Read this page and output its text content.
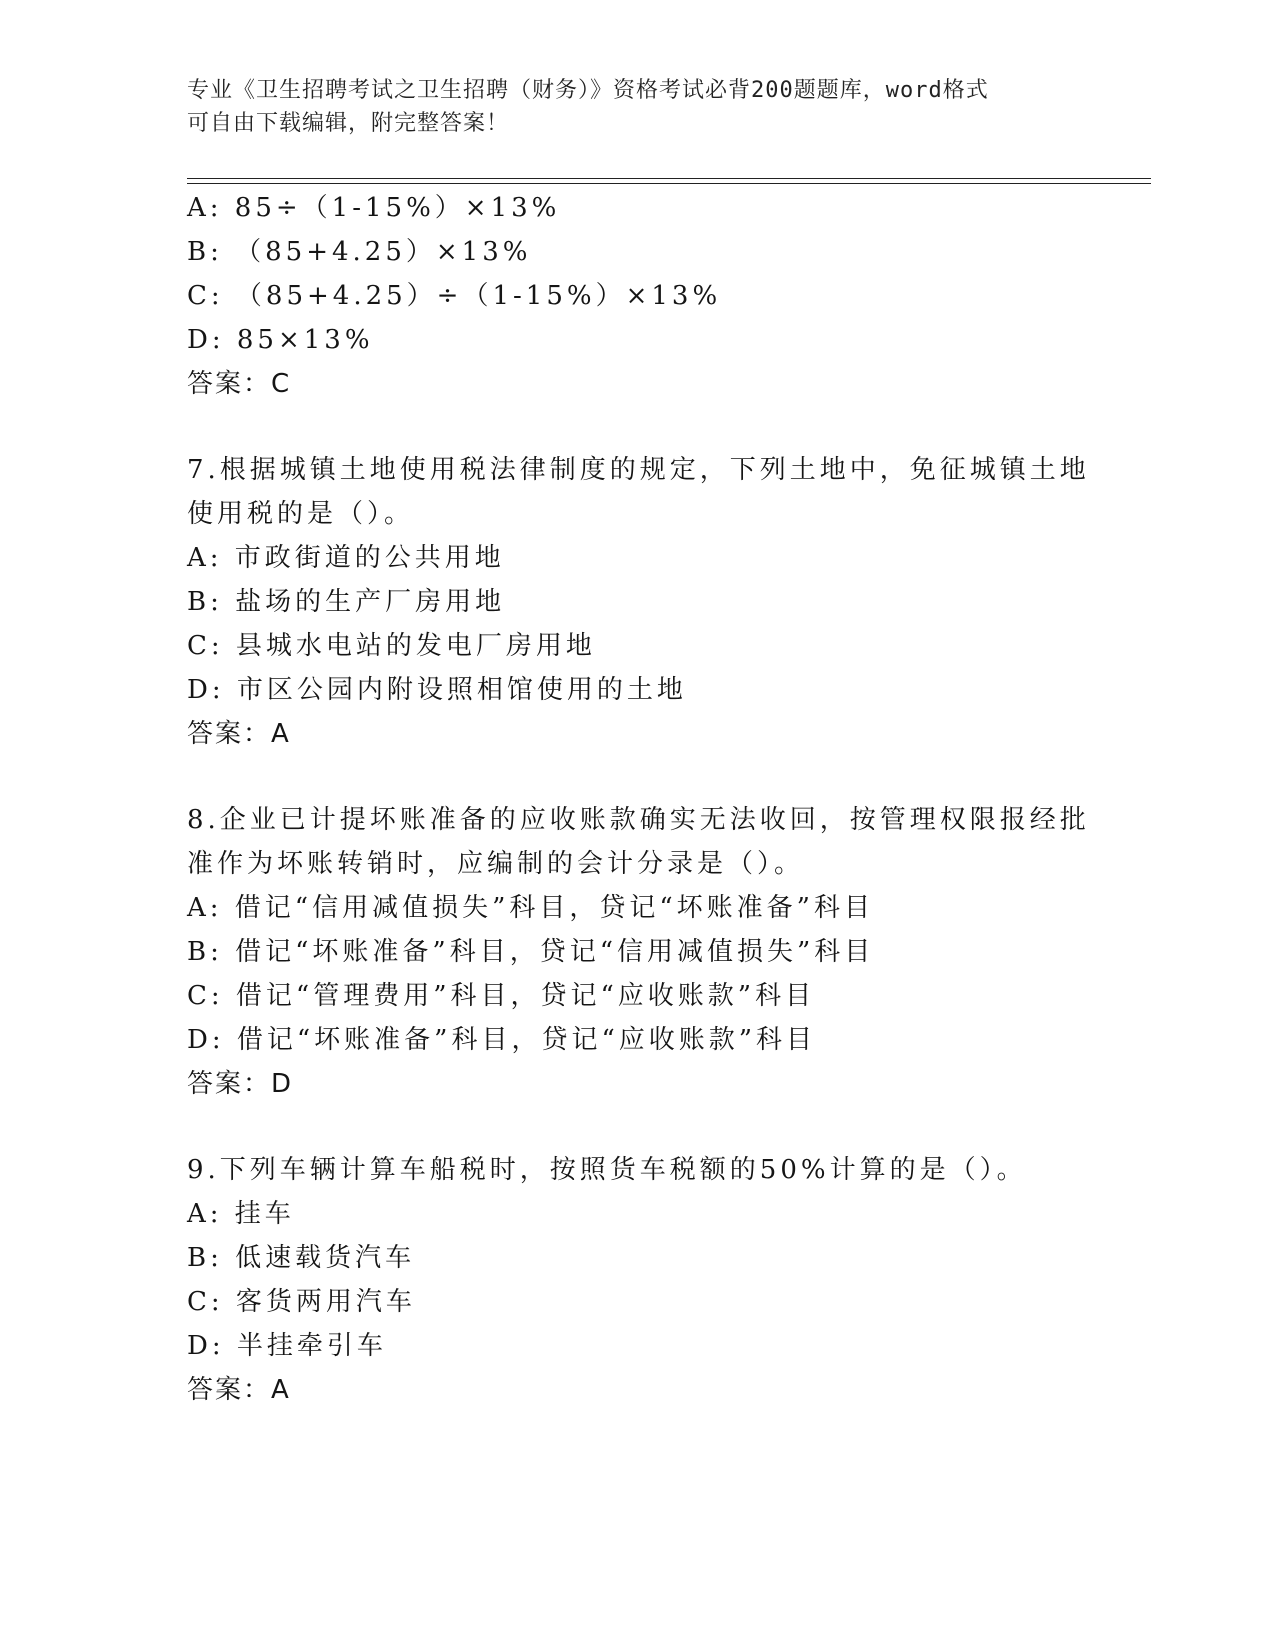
专业《卫生招聘考试之卫生招聘（财务）》资格考试必背200题题库，word格式
可自由下载编辑，附完整答案！
A: 85÷（1-15%）×13%
B: （85+4.25）×13%
C: （85+4.25）÷（1-15%）×13%
D: 85×13%
答案：C
7.根据城镇土地使用税法律制度的规定，下列土地中，免征城镇土地
使用税的是（）。
A: 市政街道的公共用地
B: 盐场的生产厂房用地
C: 县城水电站的发电厂房用地
D: 市区公园内附设照相馆使用的土地
答案：A
8.企业已计提坏账准备的应收账款确实无法收回，按管理权限报经批
准作为坏账转销时，应编制的会计分录是（）。
A: 借记“信用减值损失”科目，贷记“坏账准备”科目
B: 借记“坏账准备”科目，贷记“信用减值损失”科目
C: 借记“管理费用”科目，贷记“应收账款”科目
D: 借记“坏账准备”科目，贷记“应收账款”科目
答案：D
9.下列车辆计算车船税时，按照货车税额的50%计算的是（）。
A: 挂车
B: 低速载货汽车
C: 客货两用汽车
D: 半挂牵引车
答案：A
